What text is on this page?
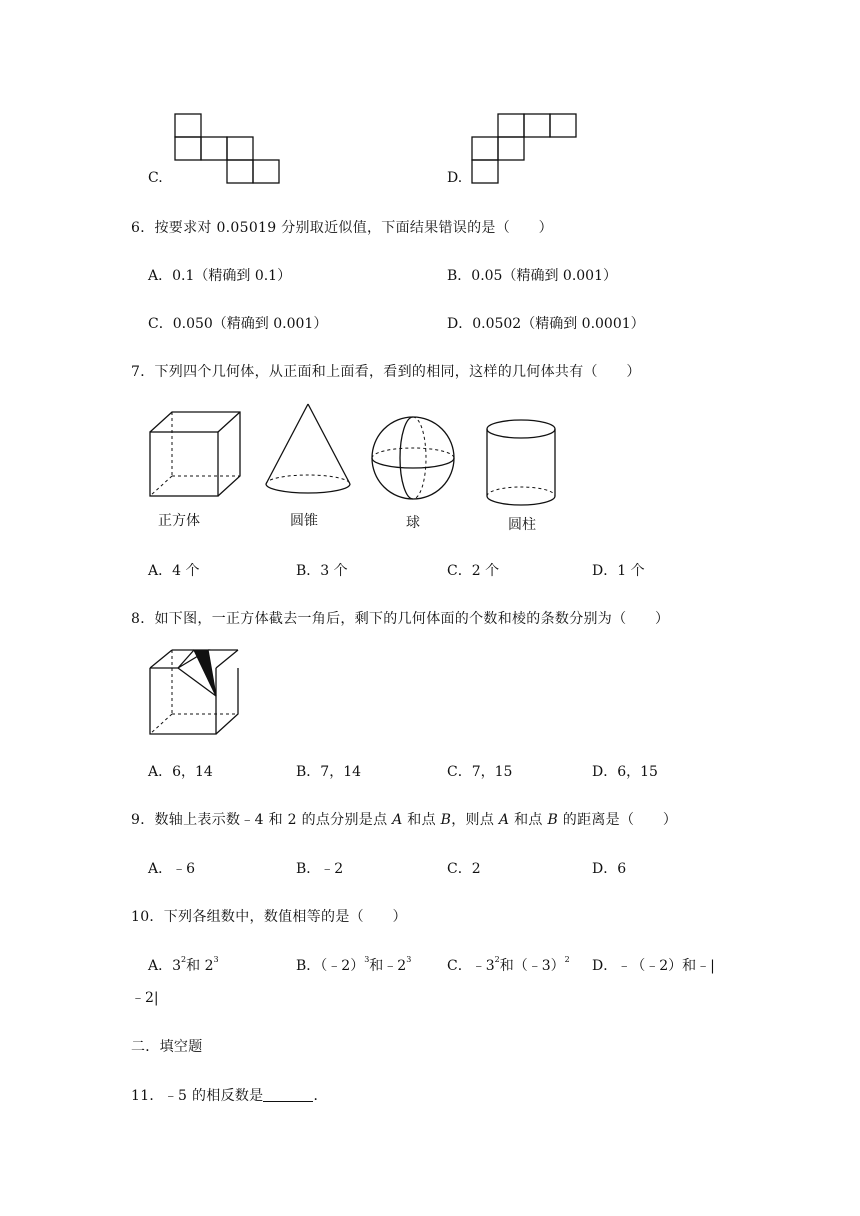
C.	D.
6．按要求对 0.05019 分别取近似值，下面结果错误的是（　　）
A．0.1（精确到 0.1）	B．0.05（精确到 0.001）
C．0.050（精确到 0.001）	D．0.0502（精确到 0.0001）
7．下列四个几何体，从正面和上面看，看到的相同，这样的几何体共有（　　）
正方体	圆锥	球	圆柱
A．4 个	B．3 个	C．2 个	D．1 个
8．如下图，一正方体截去一角后，剩下的几何体面的个数和棱的条数分别为（　　）
A．6，14	B．7，14	C．7，15	D．6，15
9．数轴上表示数﹣4 和 2 的点分别是点 A 和点 B，则点 A 和点 B 的距离是（　　）
A．﹣6	B．﹣2	C．2	D．6
10．下列各组数中，数值相等的是（　　）
A．$3^2$和 $2^3$	B．（﹣2）$^3$和$﹣2^3$	C．$﹣3^2$和（﹣3）$^2$ D．﹣（﹣2）和﹣|
﹣2|
二．填空题
11．﹣5 的相反数是	．
